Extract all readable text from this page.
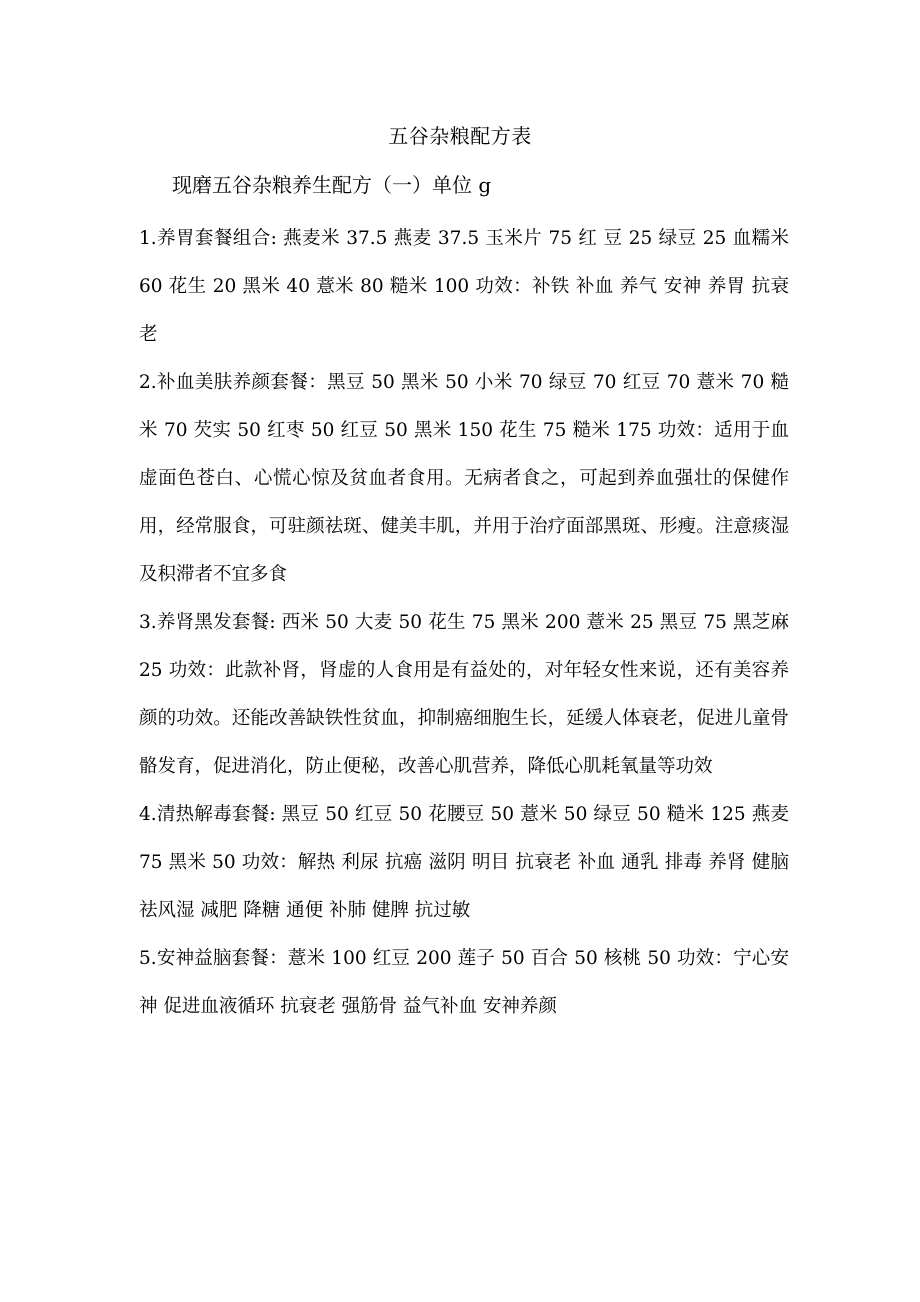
五谷杂粮配方表
现磨五谷杂粮养生配方（一）单位 g

1.养胃套餐组合: 燕麦米 37.5 燕麦 37.5 玉米片 75 红 豆 25 绿豆 25 血糯米 60 花生 20 黑米 40 薏米 80 糙米 100 功效：补铁 补血 养气 安神 养胃 抗衰老

2.补血美肤养颜套餐：黑豆 50 黑米 50 小米 70 绿豆 70 红豆 70 薏米 70 糙米 70 芡实 50 红枣 50 红豆 50 黑米 150 花生 75 糙米 175 功效：适用于血虚面色苍白、心慌心惊及贫血者食用。无病者食之，可起到养血强壮的保健作用，经常服食，可驻颜祛斑、健美丰肌，并用于治疗面部黑斑、形瘦。注意痰湿及积滞者不宜多食

3.养肾黑发套餐: 西米 50 大麦 50 花生 75 黑米 200 薏米 25 黑豆 75 黑芝麻 25 功效：此款补肾，肾虚的人食用是有益处的，对年轻女性来说，还有美容养颜的功效。还能改善缺铁性贫血，抑制癌细胞生长，延缓人体衰老，促进儿童骨骼发育，促进消化，防止便秘，改善心肌营养，降低心肌耗氧量等功效

4.清热解毒套餐: 黑豆 50 红豆 50 花腰豆 50 薏米 50 绿豆 50 糙米 125 燕麦 75 黑米 50 功效：解热 利尿 抗癌 滋阴 明目 抗衰老 补血 通乳 排毒 养肾 健脑 祛风湿 减肥 降糖 通便 补肺 健脾 抗过敏

5.安神益脑套餐：薏米 100 红豆 200 莲子 50 百合 50 核桃 50 功效：宁心安神 促进血液循环 抗衰老 强筋骨 益气补血 安神养颜
